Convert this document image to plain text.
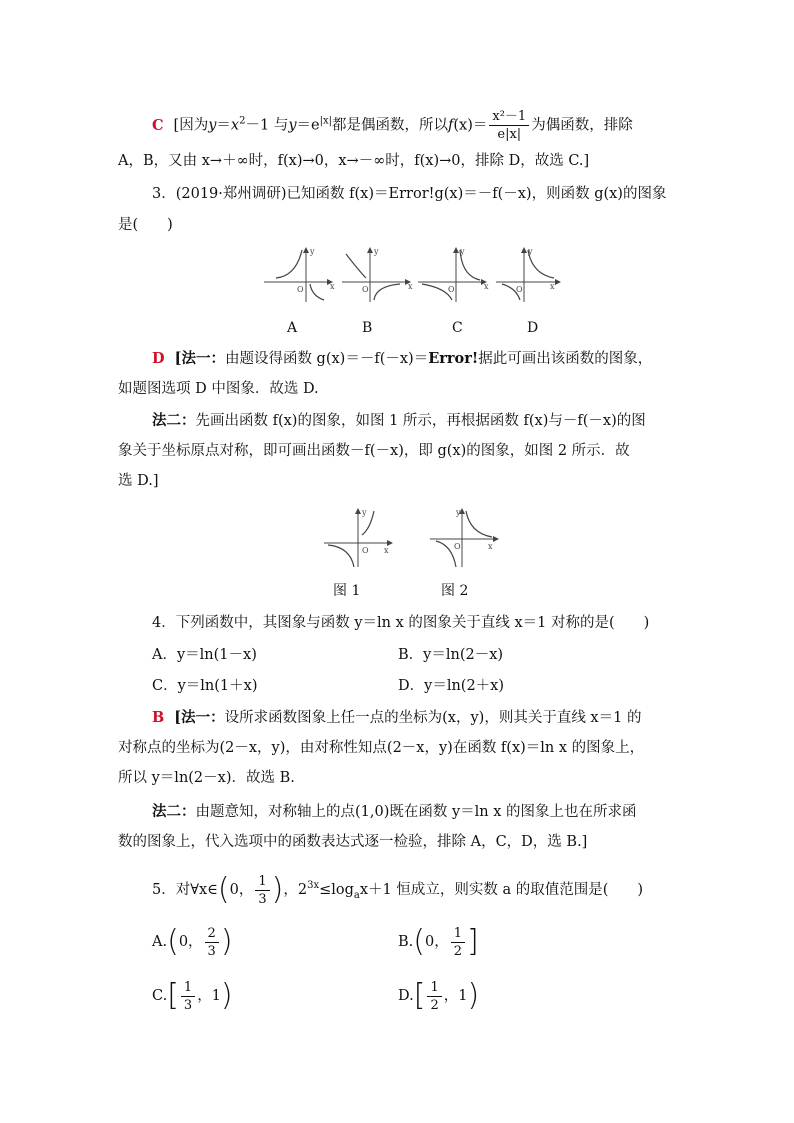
C [因为$y=x^2-1$ 与$y=e^{|x|}$都是偶函数，所以$f(x)= \frac{\text{x²－1}}{e|x|}$ 为偶函数，排除
A，B，又由 x→＋∞时，f(x)→0，x→－∞时，f(x)→0，排除 D，故选 C.]
3．(2019·郑州调研)已知函数 f(x)＝Error!g(x)＝－f(－x)，则函数 g(x)的图象
是(　　)
y
O	x
y
O	x
y
O	x
y
O	x
A	B	C	D
D [法一：由题设得函数 g(x)＝－f(－x)＝Error!据此可画出该函数的图象，
如题图选项 D 中图象．故选 D.
法二：先画出函数 f(x)的图象，如图 1 所示，再根据函数 f(x)与－f(－x)的图
象关于坐标原点对称，即可画出函数－f(－x)，即 g(x)的图象，如图 2 所示．故
选 D.]
y
O x
y
O	x
图 1	图 2
4．下列函数中，其图象与函数 y＝ln x 的图象关于直线 x＝1 对称的是(　　)
A．y＝ln(1－x)	B．y＝ln(2－x)
C．y＝ln(1＋x)	D．y＝ln(2＋x)
B [法一：设所求函数图象上任一点的坐标为(x，y)，则其关于直线 x＝1 的
对称点的坐标为(2－x，y)，由对称性知点(2－x，y)在函数 f(x)＝ln x 的图象上，
所以 y＝ln(2－x)．故选 B.
法二：由题意知，对称轴上的点(1,0)既在函数 y＝ln x 的图象上也在所求函
数的图象上，代入选项中的函数表达式逐一检验，排除 A，C，D，选 B.]
5．对∀x∈(0， $\frac{1}{3}$ )，$2^{3x}\le\log_ax+1$ 恒成立，则实数 a 的取值范围是(　　)
A.(0， $\frac{2}{3}$ )	B.(0， $\frac{1}{2}$ ]
$C.[ \frac{1}{3}$ ，1)	$D.[ \frac{1}{2}$ ，1)
